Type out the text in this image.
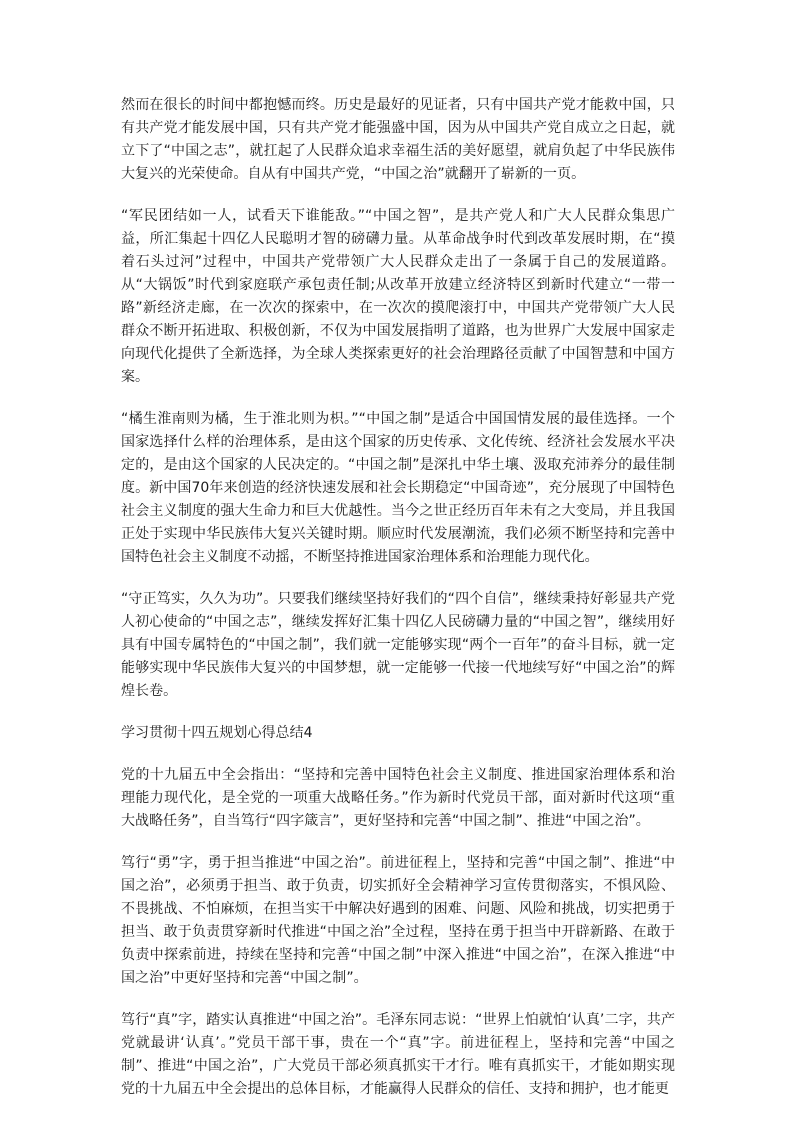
然而在很长的时间中都抱憾而终。历史是最好的见证者，只有中国共产党才能救中国，只有共产党才能发展中国，只有共产党才能强盛中国，因为从中国共产党自成立之日起，就立下了“中国之志”，就扛起了人民群众追求幸福生活的美好愿望，就肩负起了中华民族伟大复兴的光荣使命。自从有中国共产党，“中国之治”就翻开了崭新的一页。

“军民团结如一人，试看天下谁能敌。”“中国之智”，是共产党人和广大人民群众集思广益，所汇集起十四亿人民聪明才智的磅礴力量。从革命战争时代到改革发展时期，在“摸着石头过河”过程中，中国共产党带领广大人民群众走出了一条属于自己的发展道路。从“大锅饭”时代到家庭联产承包责任制;从改革开放建立经济特区到新时代建立“一带一路”新经济走廊，在一次次的探索中，在一次次的摸爬滚打中，中国共产党带领广大人民群众不断开拓进取、积极创新，不仅为中国发展指明了道路，也为世界广大发展中国家走向现代化提供了全新选择，为全球人类探索更好的社会治理路径贡献了中国智慧和中国方案。

“橘生淮南则为橘，生于淮北则为枳。”“中国之制”是适合中国国情发展的最佳选择。一个国家选择什么样的治理体系，是由这个国家的历史传承、文化传统、经济社会发展水平决定的，是由这个国家的人民决定的。“中国之制”是深扎中华土壤、汲取充沛养分的最佳制度。新中国70年来创造的经济快速发展和社会长期稳定“中国奇迹”，充分展现了中国特色社会主义制度的强大生命力和巨大优越性。当今之世正经历百年未有之大变局，并且我国正处于实现中华民族伟大复兴关键时期。顺应时代发展潮流，我们必须不断坚持和完善中国特色社会主义制度不动摇，不断坚持推进国家治理体系和治理能力现代化。

“守正笃实，久久为功”。只要我们继续坚持好我们的“四个自信”，继续秉持好彰显共产党人初心使命的“中国之志”，继续发挥好汇集十四亿人民磅礴力量的“中国之智”，继续用好具有中国专属特色的“中国之制”，我们就一定能够实现“两个一百年”的奋斗目标，就一定能够实现中华民族伟大复兴的中国梦想，就一定能够一代接一代地续写好“中国之治”的辉煌长卷。

学习贯彻十四五规划心得总结4

党的十九届五中全会指出：“坚持和完善中国特色社会主义制度、推进国家治理体系和治理能力现代化，是全党的一项重大战略任务。”作为新时代党员干部，面对新时代这项“重大战略任务”，自当笃行“四字箴言”，更好坚持和完善“中国之制”、推进“中国之治”。

笃行“勇”字，勇于担当推进“中国之治”。前进征程上，坚持和完善“中国之制”、推进“中国之治”，必须勇于担当、敢于负责，切实抓好全会精神学习宣传贯彻落实，不惧风险、不畏挑战、不怕麻烦，在担当实干中解决好遇到的困难、问题、风险和挑战，切实把勇于担当、敢于负责贯穿新时代推进“中国之治”全过程，坚持在勇于担当中开辟新路、在敢于负责中探索前进，持续在坚持和完善“中国之制”中深入推进“中国之治”，在深入推进“中国之治”中更好坚持和完善“中国之制”。

笃行“真”字，踏实认真推进“中国之治”。毛泽东同志说：“世界上怕就怕‘认真’二字，共产党就最讲‘认真’。”党员干部干事，贵在一个“真”字。前进征程上，坚持和完善“中国之制”、推进“中国之治”，广大党员干部必须真抓实干才行。唯有真抓实干，才能如期实现党的十九届五中全会提出的总体目标，才能赢得人民群众的信任、支持和拥护，也才能更
